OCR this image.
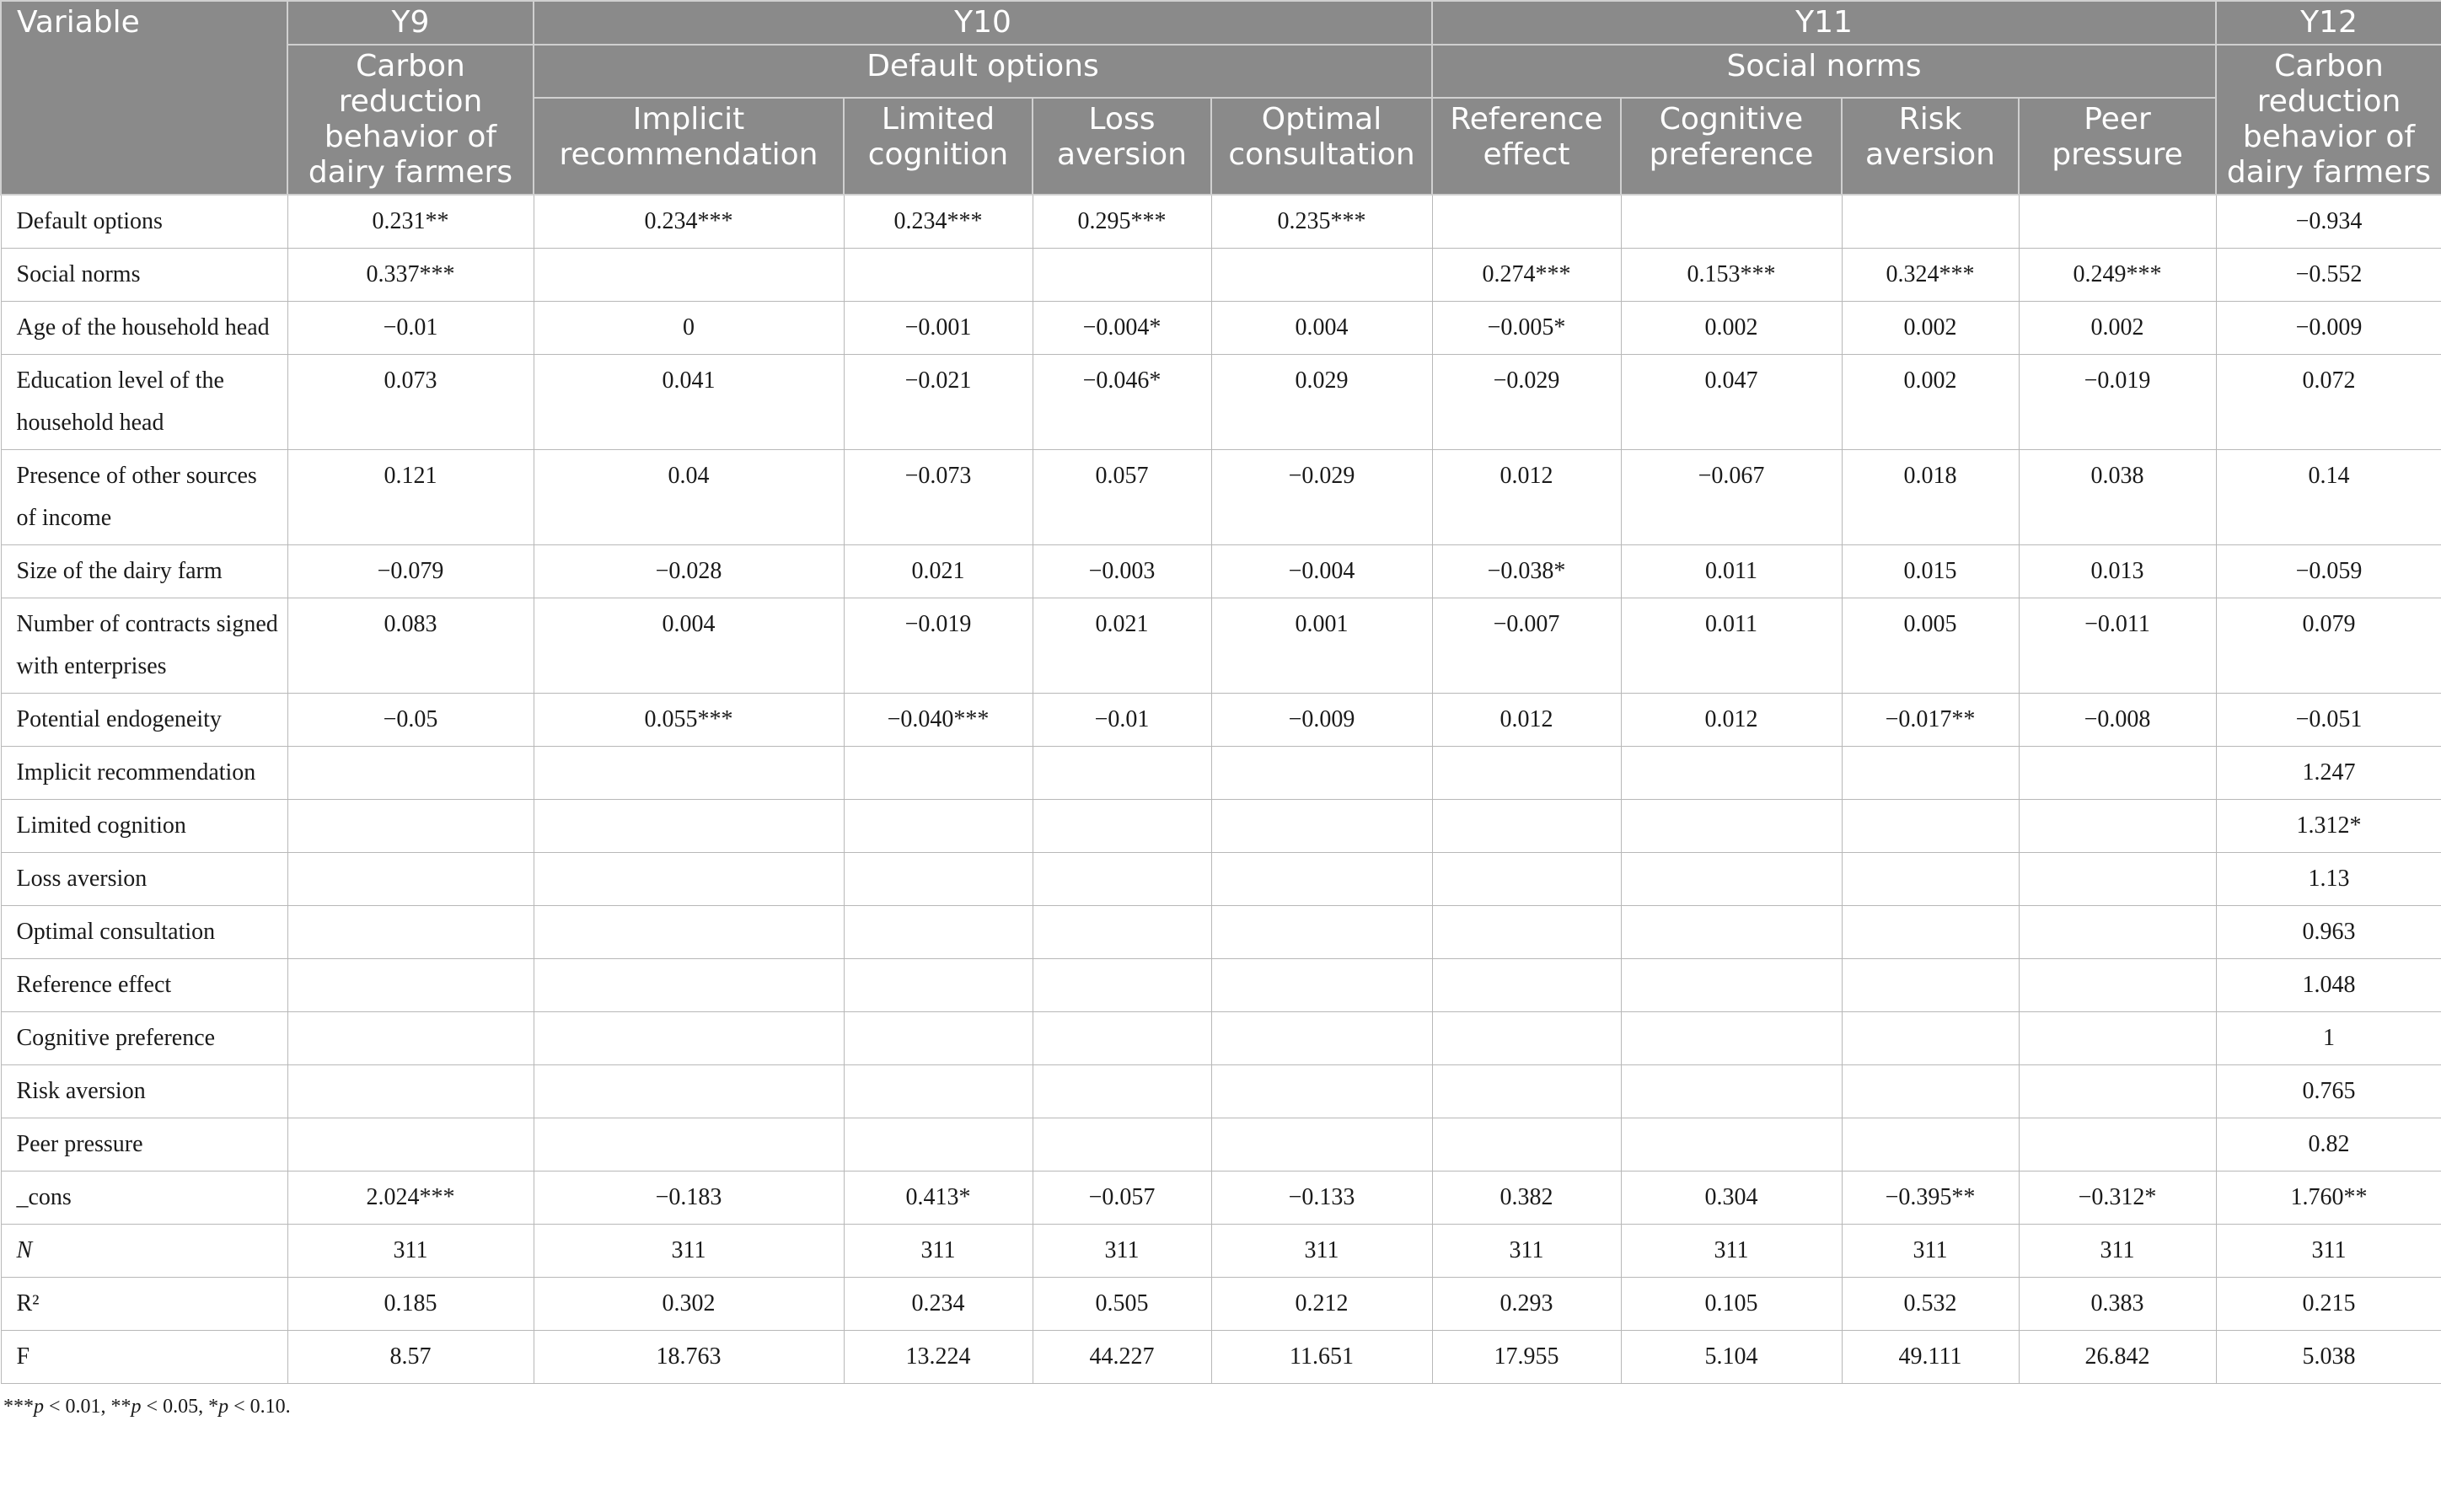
Variable	Y9	Y10				Y11				Y12
	Carbon reduction behavior of dairy farmers	Default options				Social norms				Carbon reduction behavior of dairy farmers
		Implicit recommendation	Limited cognition	Loss aversion	Optimal consultation	Reference effect	Cognitive preference	Risk aversion	Peer pressure	
Default options	0.231**	0.234***	0.234***	0.295***	0.235***					−0.934
Social norms	0.337***					0.274***	0.153***	0.324***	0.249***	−0.552
Age of the household head	−0.01	0	−0.001	−0.004*	0.004	−0.005*	0.002	0.002	0.002	−0.009
Education level of the household head	0.073	0.041	−0.021	−0.046*	0.029	−0.029	0.047	0.002	−0.019	0.072
Presence of other sources of income	0.121	0.04	−0.073	0.057	−0.029	0.012	−0.067	0.018	0.038	0.14
Size of the dairy farm	−0.079	−0.028	0.021	−0.003	−0.004	−0.038*	0.011	0.015	0.013	−0.059
Number of contracts signed with enterprises	0.083	0.004	−0.019	0.021	0.001	−0.007	0.011	0.005	−0.011	0.079
Potential endogeneity	−0.05	0.055***	−0.040***	−0.01	−0.009	0.012	0.012	−0.017**	−0.008	−0.051
Implicit recommendation										1.247
Limited cognition										1.312*
Loss aversion										1.13
Optimal consultation										0.963
Reference effect										1.048
Cognitive preference										1
Risk aversion										0.765
Peer pressure										0.82
_cons	2.024***	−0.183	0.413*	−0.057	−0.133	0.382	0.304	−0.395**	−0.312*	1.760**
N	311	311	311	311	311	311	311	311	311	311
R²	0.185	0.302	0.234	0.505	0.212	0.293	0.105	0.532	0.383	0.215
F	8.57	18.763	13.224	44.227	11.651	17.955	5.104	49.111	26.842	5.038
***p < 0.01, **p < 0.05, *p < 0.10.
